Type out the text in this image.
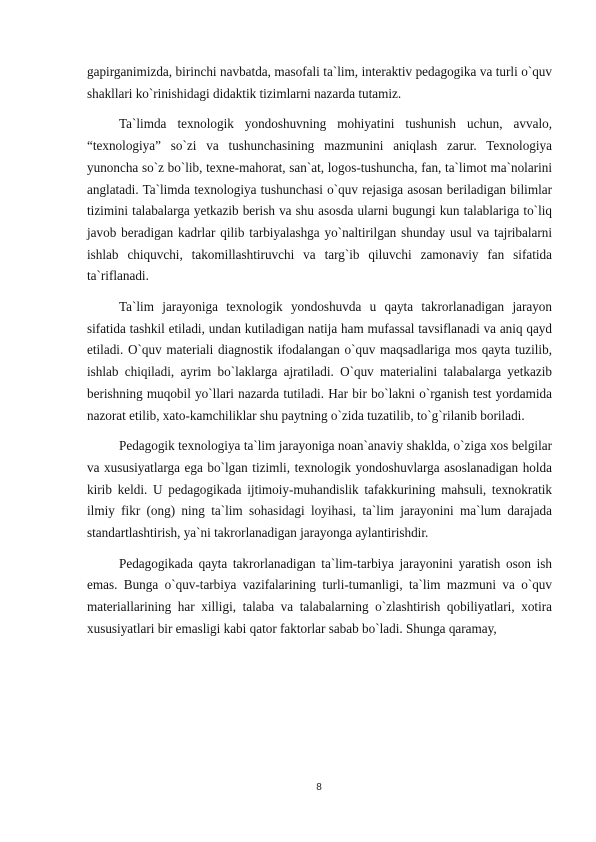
gapirganimizda, birinchi navbatda, masofali ta`lim, interaktiv pedagogika va turli o`quv shakllari ko`rinishidagi didaktik tizimlarni nazarda tutamiz.

Ta`limda texnologik yondoshuvning mohiyatini tushunish uchun, avvalo, “texnologiya” so`zi va tushunchasining mazmunini aniqlash zarur. Texnologiya yunoncha so`z bo`lib, texne-mahorat, san`at, logos-tushuncha, fan, ta`limot ma`nolarini anglatadi. Ta`limda texnologiya tushunchasi o`quv rejasiga asosan beriladigan bilimlar tizimini talabalarga yetkazib berish va shu asosda ularni bugungi kun talablariga to`liq javob beradigan kadrlar qilib tarbiyalashga yo`naltirilgan shunday usul va tajribalarni ishlab chiquvchi, takomillashtiruvchi va targ`ib qiluvchi zamonaviy fan sifatida ta`riflanadi.

Ta`lim jarayoniga texnologik yondoshuvda u qayta takrorlanadigan jarayon sifatida tashkil etiladi, undan kutiladigan natija ham mufassal tavsiflanadi va aniq qayd etiladi. O`quv materiali diagnostik ifodalangan o`quv maqsadlariga mos qayta tuzilib, ishlab chiqiladi, ayrim bo`laklarga ajratiladi. O`quv materialini talabalarga yetkazib berishning muqobil yo`llari nazarda tutiladi. Har bir bo`lakni o`rganish test yordamida nazorat etilib, xato-kamchiliklar shu paytning o`zida tuzatilib, to`g`rilanib boriladi.

Pedagogik texnologiya ta`lim jarayoniga noan`anaviy shaklda, o`ziga xos belgilar va xususiyatlarga ega bo`lgan tizimli, texnologik yondoshuvlarga asoslanadigan holda kirib keldi. U pedagogikada ijtimoiy-muhandislik tafakkurining mahsuli, texnokratik ilmiy fikr (ong) ning ta`lim sohasidagi loyihasi, ta`lim jarayonini ma`lum darajada standartlashtirish, ya`ni takrorlanadigan jarayonga aylantirishdir.

Pedagogikada qayta takrorlanadigan ta`lim-tarbiya jarayonini yaratish oson ish emas. Bunga o`quv-tarbiya vazifalarining turli-tumanligi, ta`lim mazmuni va o`quv materiallarining har xilligi, talaba va talabalarning o`zlashtirish qobiliyatlari, xotira xususiyatlari bir emasligi kabi qator faktorlar sabab bo`ladi. Shunga qaramay,

8
